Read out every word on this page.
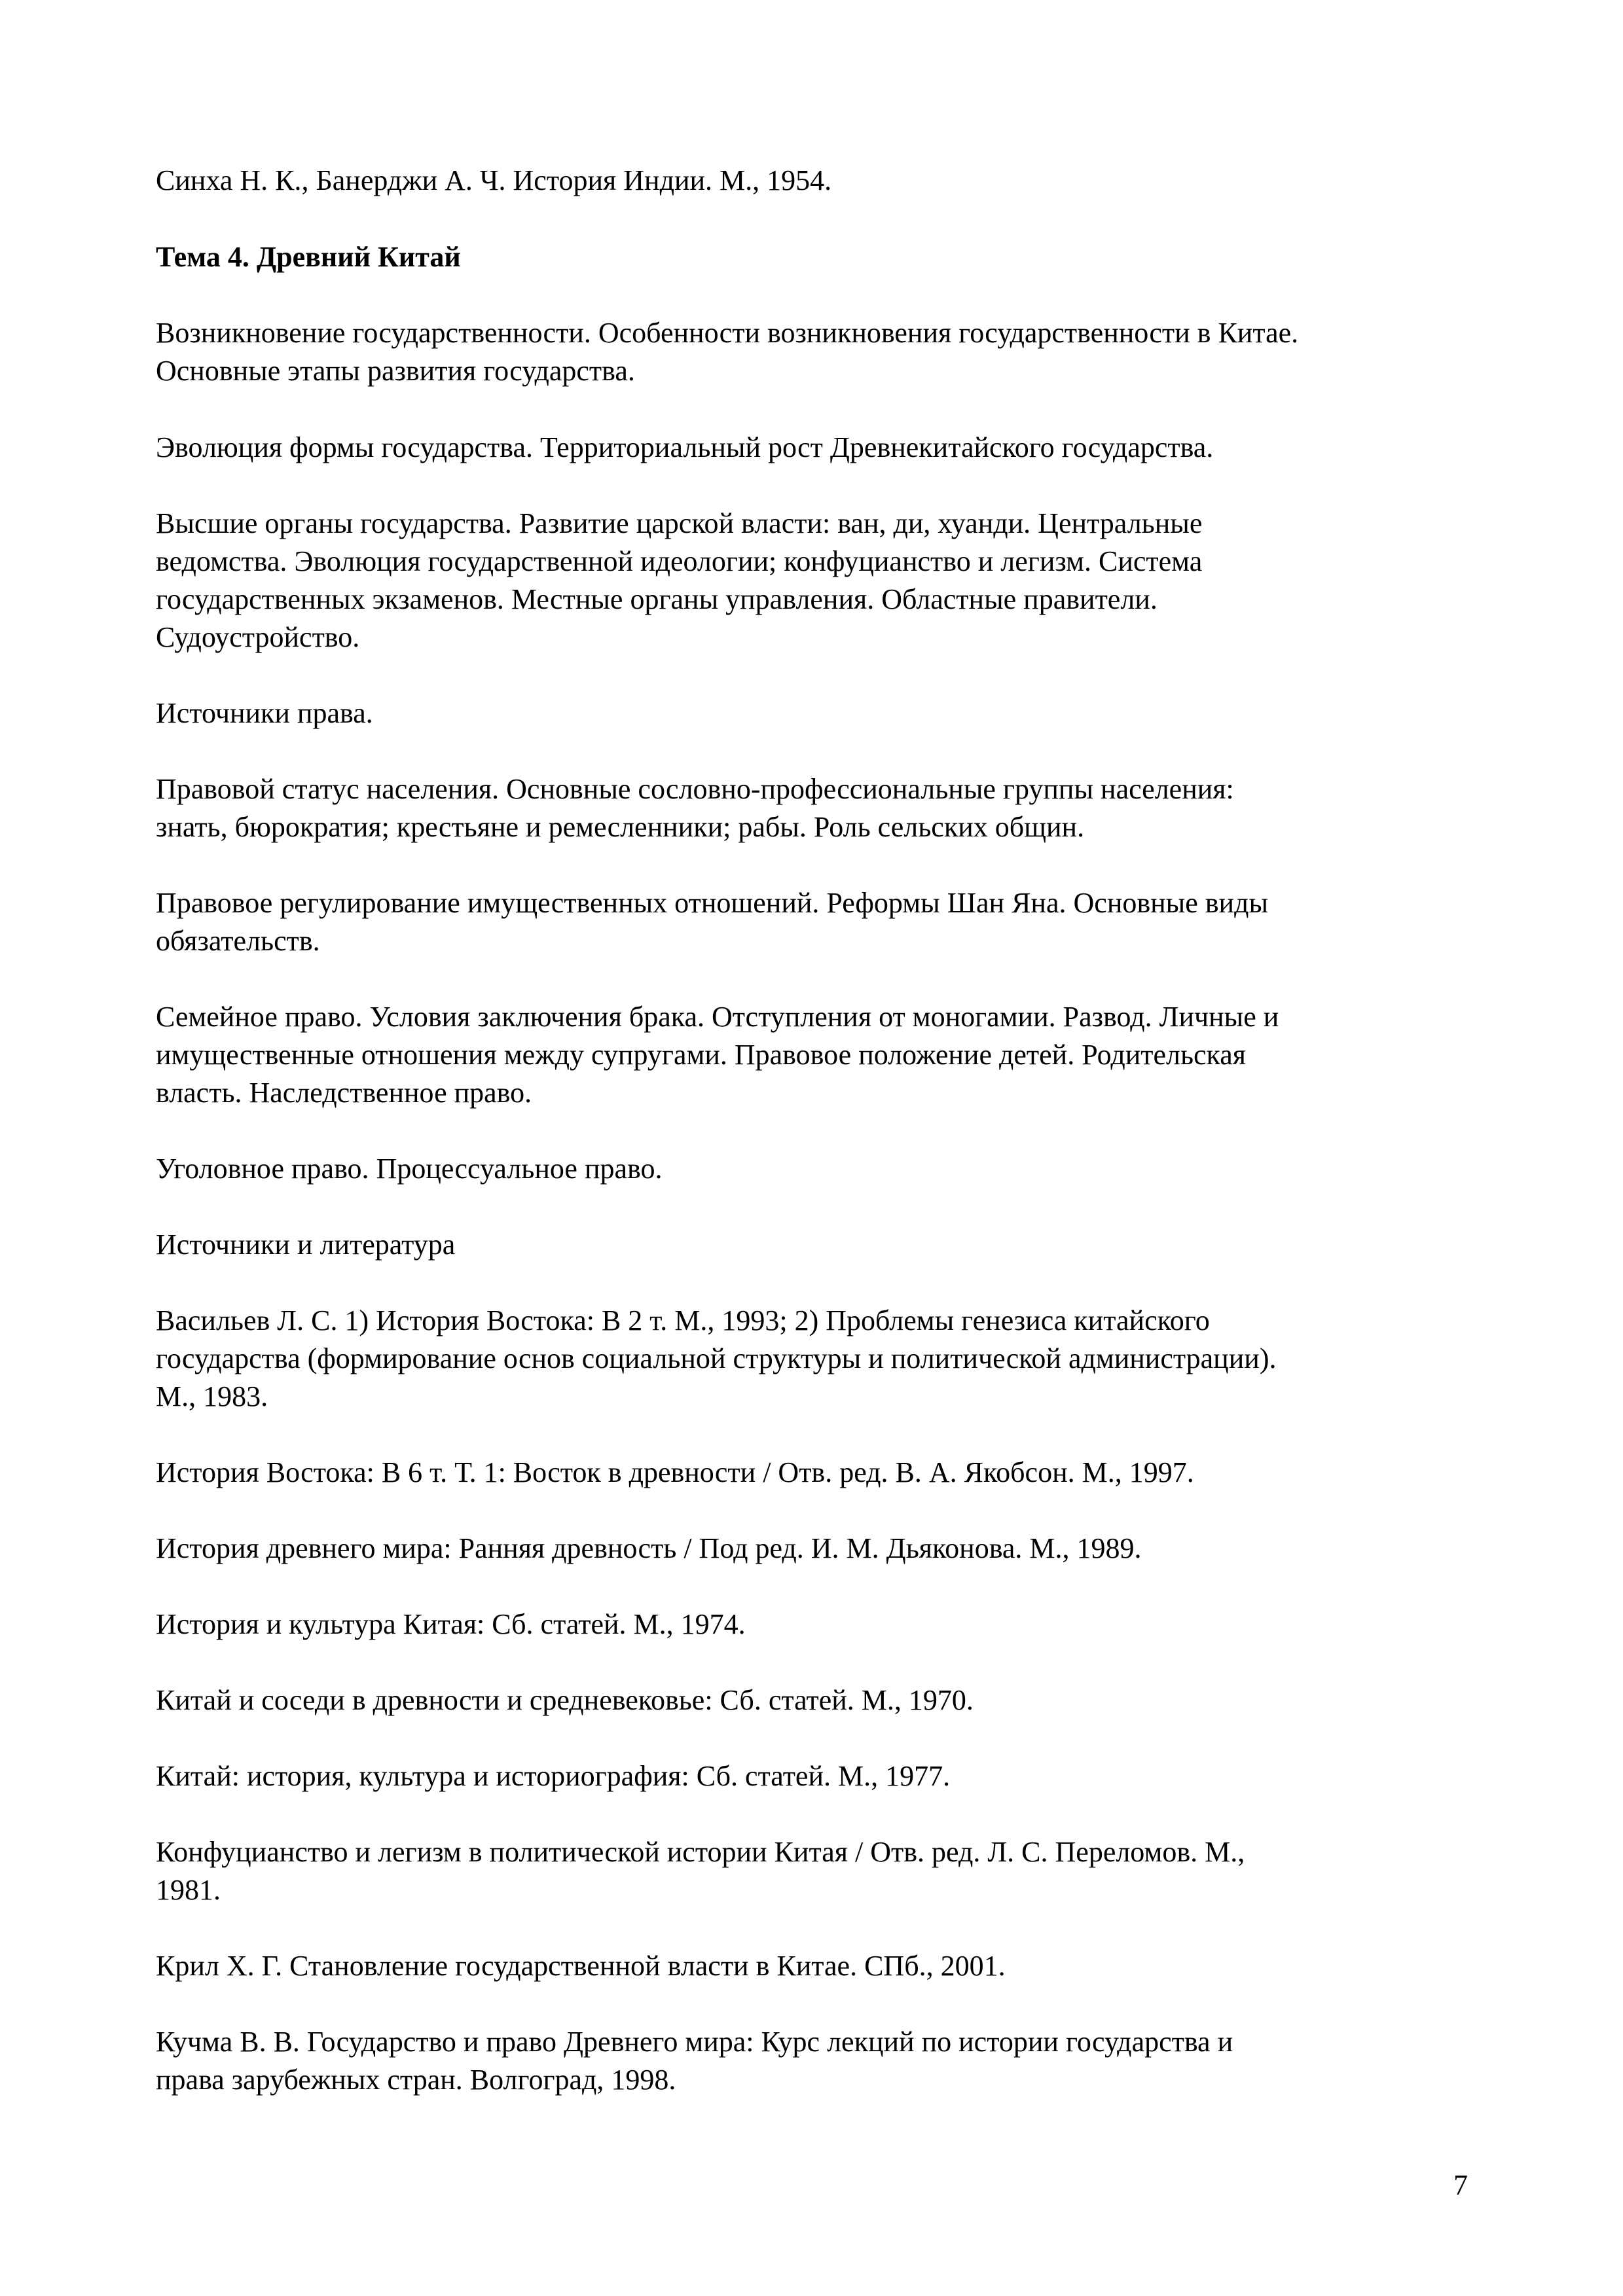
Синха Н. К., Банерджи А. Ч. История Индии. М., 1954.

Тема 4. Древний Китай

Возникновение государственности. Особенности возникновения государственности в Китае.
Основные этапы развития государства.

Эволюция формы государства. Территориальный рост Древнекитайского государства.

Высшие органы государства. Развитие царской власти: ван, ди, хуанди. Центральные
ведомства. Эволюция государственной идеологии; конфуцианство и легизм. Система
государственных экзаменов. Местные органы управления. Областные правители.
Судоустройство.

Источники права.

Правовой статус населения. Основные сословно-профессиональные группы населения:
знать, бюрократия; крестьяне и ремесленники; рабы. Роль сельских общин.

Правовое регулирование имущественных отношений. Реформы Шан Яна. Основные виды
обязательств.

Семейное право. Условия заключения брака. Отступления от моногамии. Развод. Личные и
имущественные отношения между супругами. Правовое положение детей. Родительская
власть. Наследственное право.

Уголовное право. Процессуальное право.

Источники и литература

Васильев Л. С. 1) История Востока: В 2 т. М., 1993; 2) Проблемы генезиса китайского
государства (формирование основ социальной структуры и политической администрации).
М., 1983.

История Востока: В 6 т. Т. 1: Восток в древности / Отв. ред. В. А. Якобсон. М., 1997.

История древнего мира: Ранняя древность / Под ред. И. М. Дьяконова. М., 1989.

История и культура Китая: Сб. статей. М., 1974.

Китай и соседи в древности и средневековье: Сб. статей. М., 1970.

Китай: история, культура и историография: Сб. статей. М., 1977.

Конфуцианство и легизм в политической истории Китая / Отв. ред. Л. С. Переломов. М.,
1981.

Крил Х. Г. Становление государственной власти в Китае. СПб., 2001.

Кучма В. В. Государство и право Древнего мира: Курс лекций по истории государства и
права зарубежных стран. Волгоград, 1998.

7
